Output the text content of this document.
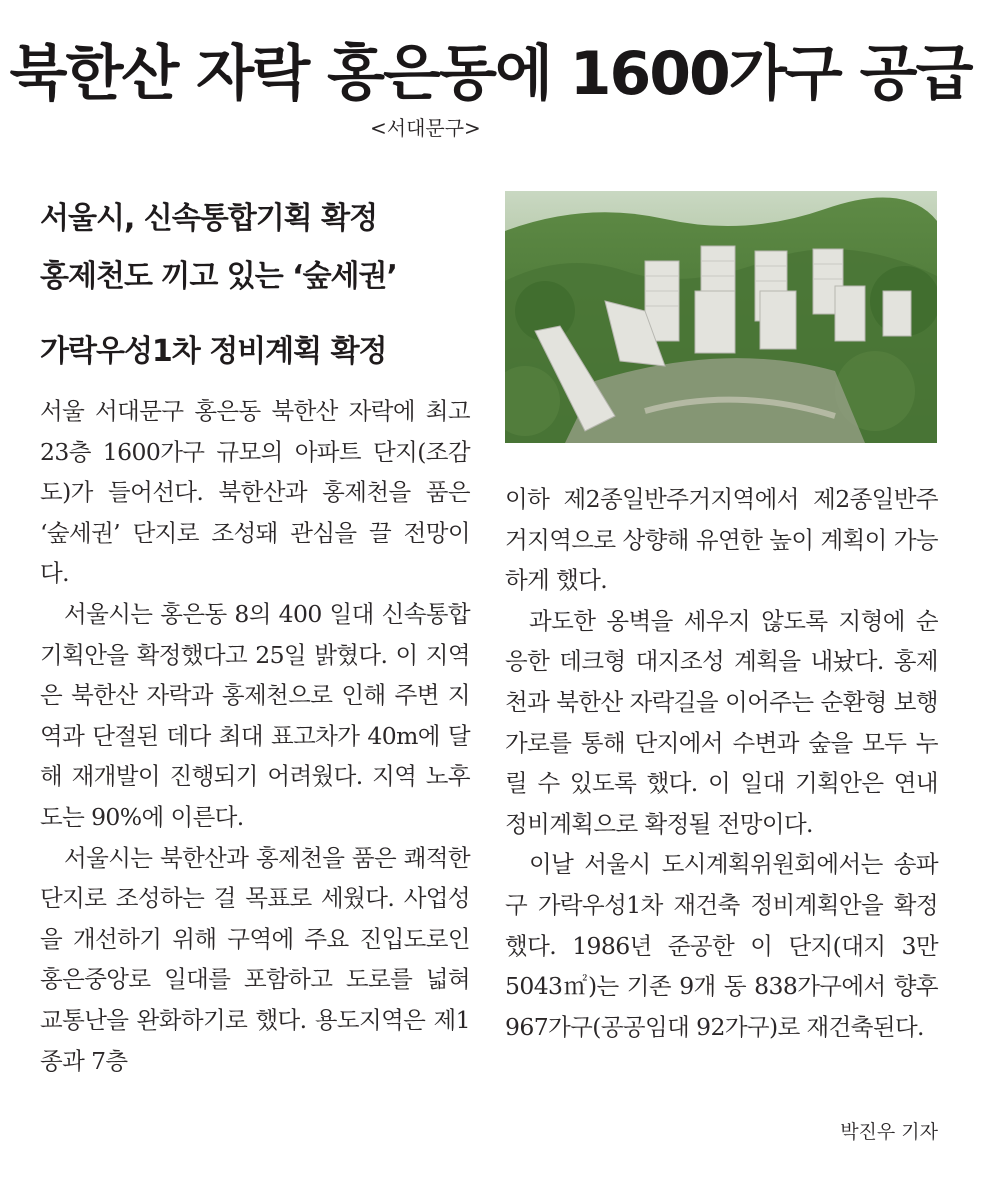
북한산 자락 홍은동에 1600가구 공급
<서대문구>
서울시, 신속통합기획 확정
홍제천도 끼고 있는 ‘숲세권’
가락우성1차 정비계획 확정

서울 서대문구 홍은동 북한산 자락에 최고 23층 1600가구 규모의 아파트 단지(조감도)가 들어선다. 북한산과 홍제천을 품은 ‘숲세권’ 단지로 조성돼 관심을 끌 전망이다.

서울시는 홍은동 8의 400 일대 신속통합기획안을 확정했다고 25일 밝혔다. 이 지역은 북한산 자락과 홍제천으로 인해 주변 지역과 단절된 데다 최대 표고차가 40m에 달해 재개발이 진행되기 어려웠다. 지역 노후도는 90%에 이른다.

서울시는 북한산과 홍제천을 품은 쾌적한 단지로 조성하는 걸 목표로 세웠다. 사업성을 개선하기 위해 구역에 주요 진입도로인 홍은중앙로 일대를 포함하고 도로를 넓혀 교통난을 완화하기로 했다. 용도지역은 제1종과 7층

이하 제2종일반주거지역에서 제2종일반주거지역으로 상향해 유연한 높이 계획이 가능하게 했다.

과도한 옹벽을 세우지 않도록 지형에 순응한 데크형 대지조성 계획을 내놨다. 홍제천과 북한산 자락길을 이어주는 순환형 보행 가로를 통해 단지에서 수변과 숲을 모두 누릴 수 있도록 했다. 이 일대 기획안은 연내 정비계획으로 확정될 전망이다.

이날 서울시 도시계획위원회에서는 송파구 가락우성1차 재건축 정비계획안을 확정했다. 1986년 준공한 이 단지(대지 3만5043㎡)는 기존 9개 동 838가구에서 향후 967가구(공공임대 92가구)로 재건축된다.

박진우 기자
